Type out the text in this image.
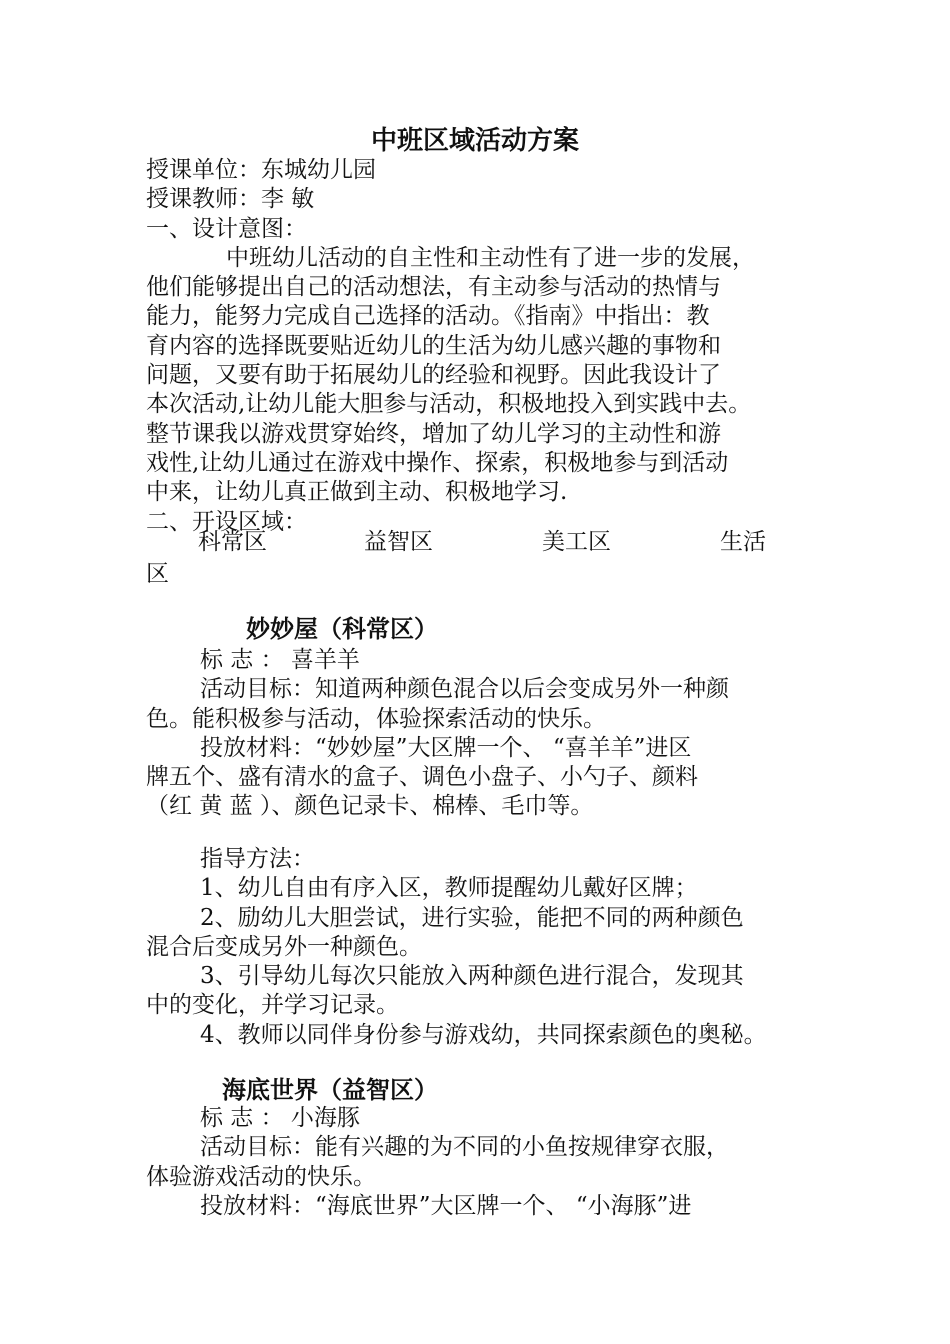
中班区域活动方案
授课单位：东城幼儿园
授课教师：李 敏
一、设计意图：
中班幼儿活动的自主性和主动性有了进一步的发展，
他们能够提出自己的活动想法，有主动参与活动的热情与
能力，能努力完成自己选择的活动。《指南》中指出：教
育内容的选择既要贴近幼儿的生活为幼儿感兴趣的事物和
问题，又要有助于拓展幼儿的经验和视野。因此我设计了
本次活动,让幼儿能大胆参与活动，积极地投入到实践中去。
整节课我以游戏贯穿始终，增加了幼儿学习的主动性和游
戏性,让幼儿通过在游戏中操作、探索，积极地参与到活动
中来，让幼儿真正做到主动、积极地学习.
二、开设区域：
科常区	益智区	美工区	生活
区
妙妙屋（科常区）
标 志 ： 喜羊羊
活动目标：知道两种颜色混合以后会变成另外一种颜
色。能积极参与活动，体验探索活动的快乐。
投放材料：“妙妙屋”大区牌一个、 “喜羊羊”进区
牌五个、盛有清水的盒子、调色小盘子、小勺子、颜料
（红 黄 蓝 ）、颜色记录卡、棉棒、毛巾等。
指导方法：
1、幼儿自由有序入区，教师提醒幼儿戴好区牌；
2、励幼儿大胆尝试，进行实验，能把不同的两种颜色
混合后变成另外一种颜色。
3、引导幼儿每次只能放入两种颜色进行混合，发现其
中的变化，并学习记录。
4、教师以同伴身份参与游戏幼，共同探索颜色的奥秘。
海底世界（益智区）
标 志 ： 小海豚
活动目标：能有兴趣的为不同的小鱼按规律穿衣服，
体验游戏活动的快乐。
投放材料：“海底世界”大区牌一个、 “小海豚”进
